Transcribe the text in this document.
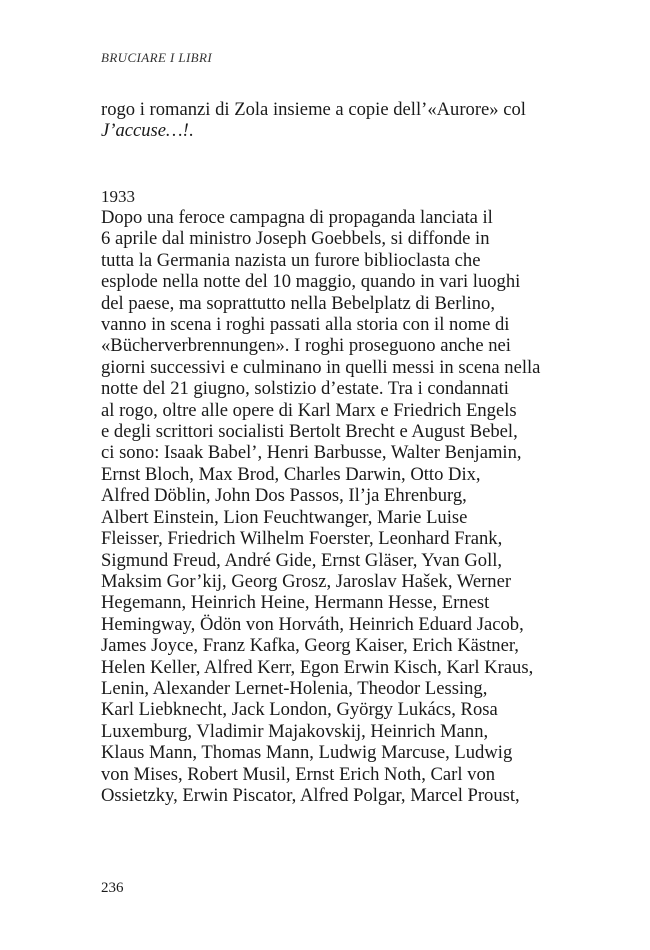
BRUCIARE I LIBRI
rogo i romanzi di Zola insieme a copie dell’«Aurore» col
J’accuse…!.
1933
Dopo una feroce campagna di propaganda lanciata il
6 aprile dal ministro Joseph Goebbels, si diffonde in
tutta la Germania nazista un furore biblioclasta che
esplode nella notte del 10 maggio, quando in vari luoghi
del paese, ma soprattutto nella Bebelplatz di Berlino,
vanno in scena i roghi passati alla storia con il nome di
«Bücherverbrennungen». I roghi proseguono anche nei
giorni successivi e culminano in quelli messi in scena nella
notte del 21 giugno, solstizio d’estate. Tra i condannati
al rogo, oltre alle opere di Karl Marx e Friedrich Engels
e degli scrittori socialisti Bertolt Brecht e August Bebel,
ci sono: Isaak Babel’, Henri Barbusse, Walter Benjamin,
Ernst Bloch, Max Brod, Charles Darwin, Otto Dix,
Alfred Döblin, John Dos Passos, Il’ja Ehrenburg,
Albert Einstein, Lion Feuchtwanger, Marie Luise
Fleisser, Friedrich Wilhelm Foerster, Leonhard Frank,
Sigmund Freud, André Gide, Ernst Gläser, Yvan Goll,
Maksim Gor’kij, Georg Grosz, Jaroslav Hašek, Werner
Hegemann, Heinrich Heine, Hermann Hesse, Ernest
Hemingway, Ödön von Horváth, Heinrich Eduard Jacob,
James Joyce, Franz Kafka, Georg Kaiser, Erich Kästner,
Helen Keller, Alfred Kerr, Egon Erwin Kisch, Karl Kraus,
Lenin, Alexander Lernet-Holenia, Theodor Lessing,
Karl Liebknecht, Jack London, György Lukács, Rosa
Luxemburg, Vladimir Majakovskij, Heinrich Mann,
Klaus Mann, Thomas Mann, Ludwig Marcuse, Ludwig
von Mises, Robert Musil, Ernst Erich Noth, Carl von
Ossietzky, Erwin Piscator, Alfred Polgar, Marcel Proust,
236
